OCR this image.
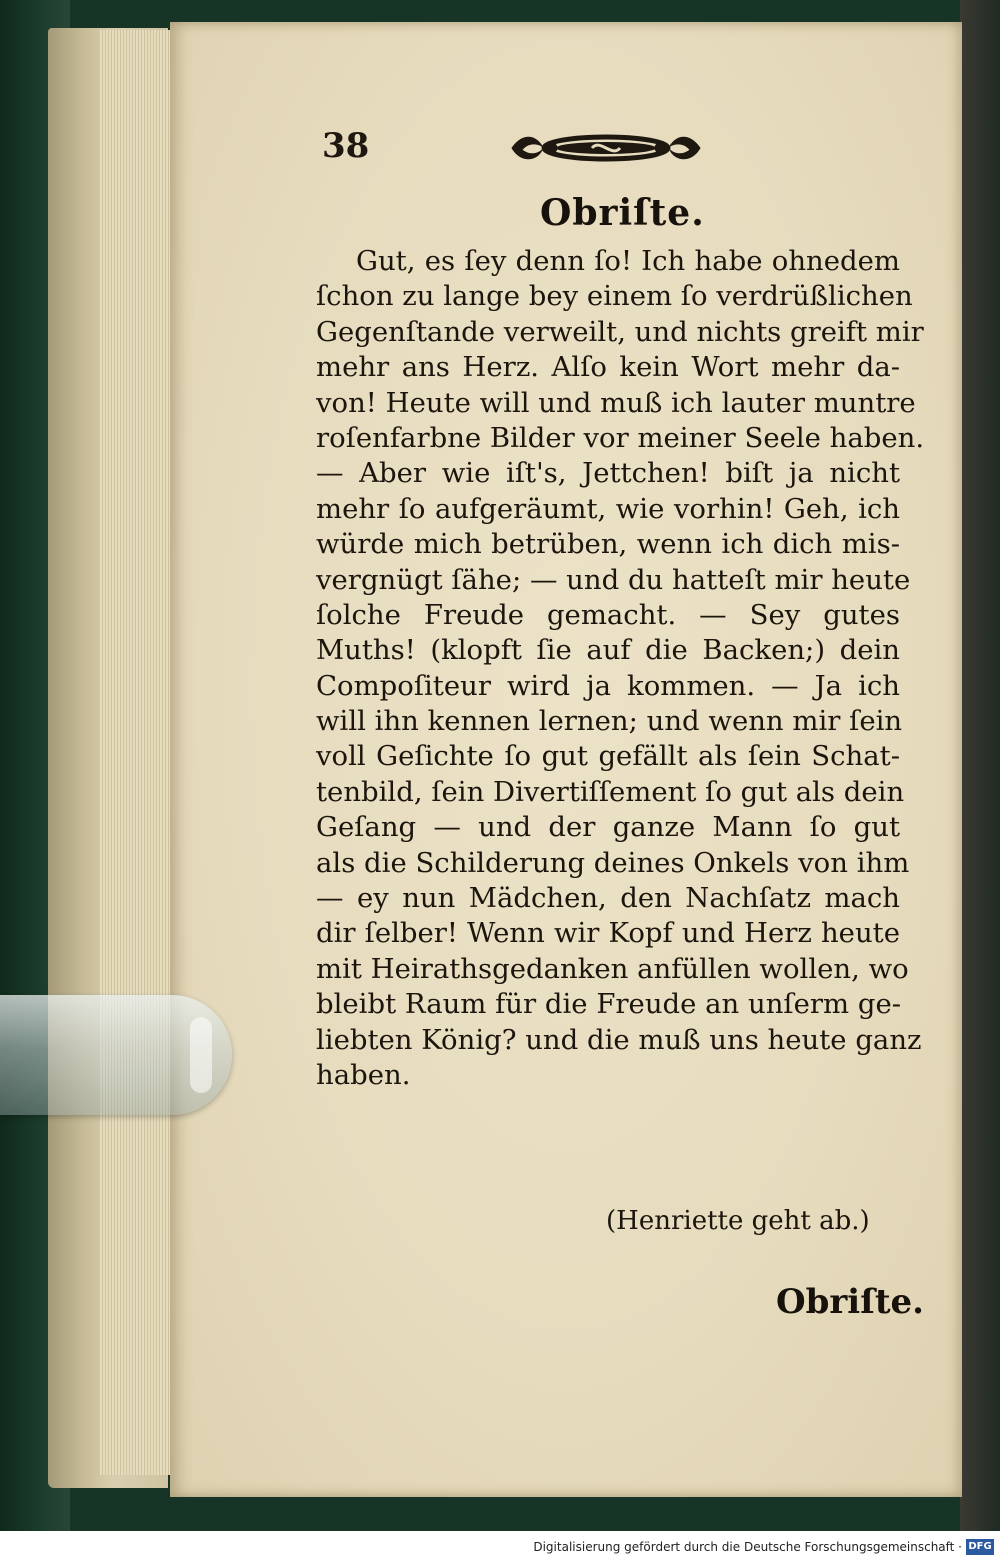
38
Obriſte.
Gut, es ſey denn ſo! Ich habe ohnedem
ſchon zu lange bey einem ſo verdrüßlichen
Gegenſtande verweilt, und nichts greift mir
mehr ans Herz. Alſo kein Wort mehr da-
von! Heute will und muß ich lauter muntre
roſenfarbne Bilder vor meiner Seele haben.
— Aber wie iſt's, Jettchen! biſt ja nicht
mehr ſo aufgeräumt, wie vorhin! Geh, ich
würde mich betrüben, wenn ich dich mis-
vergnügt ſähe; — und du hatteſt mir heute
ſolche Freude gemacht. — Sey gutes
Muths! (klopft ſie auf die Backen;) dein
Compoſiteur wird ja kommen. — Ja ich
will ihn kennen lernen; und wenn mir ſein
voll Geſichte ſo gut gefällt als ſein Schat-
tenbild, ſein Divertiſſement ſo gut als dein
Geſang — und der ganze Mann ſo gut
als die Schilderung deines Onkels von ihm
— ey nun Mädchen, den Nachſatz mach
dir ſelber! Wenn wir Kopf und Herz heute
mit Heirathsgedanken anfüllen wollen, wo
bleibt Raum für die Freude an unſerm ge-
liebten König? und die muß uns heute ganz
haben.
(Henriette geht ab.)
Obriſte.
Digitalisierung gefördert durch die Deutsche Forschungsgemeinschaft · DFG
